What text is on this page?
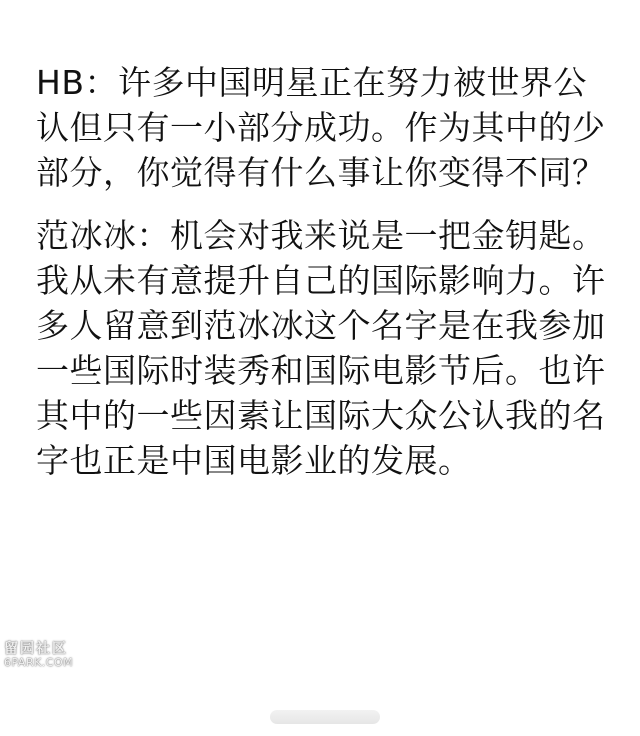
HB：许多中国明星正在努力被世界公认但只有一小部分成功。作为其中的少部分，你觉得有什么事让你变得不同？

范冰冰：机会对我来说是一把金钥匙。我从未有意提升自己的国际影响力。许多人留意到范冰冰这个名字是在我参加一些国际时装秀和国际电影节后。也许其中的一些因素让国际大众公认我的名字也正是中国电影业的发展。

留园社区
6PARK.COM
